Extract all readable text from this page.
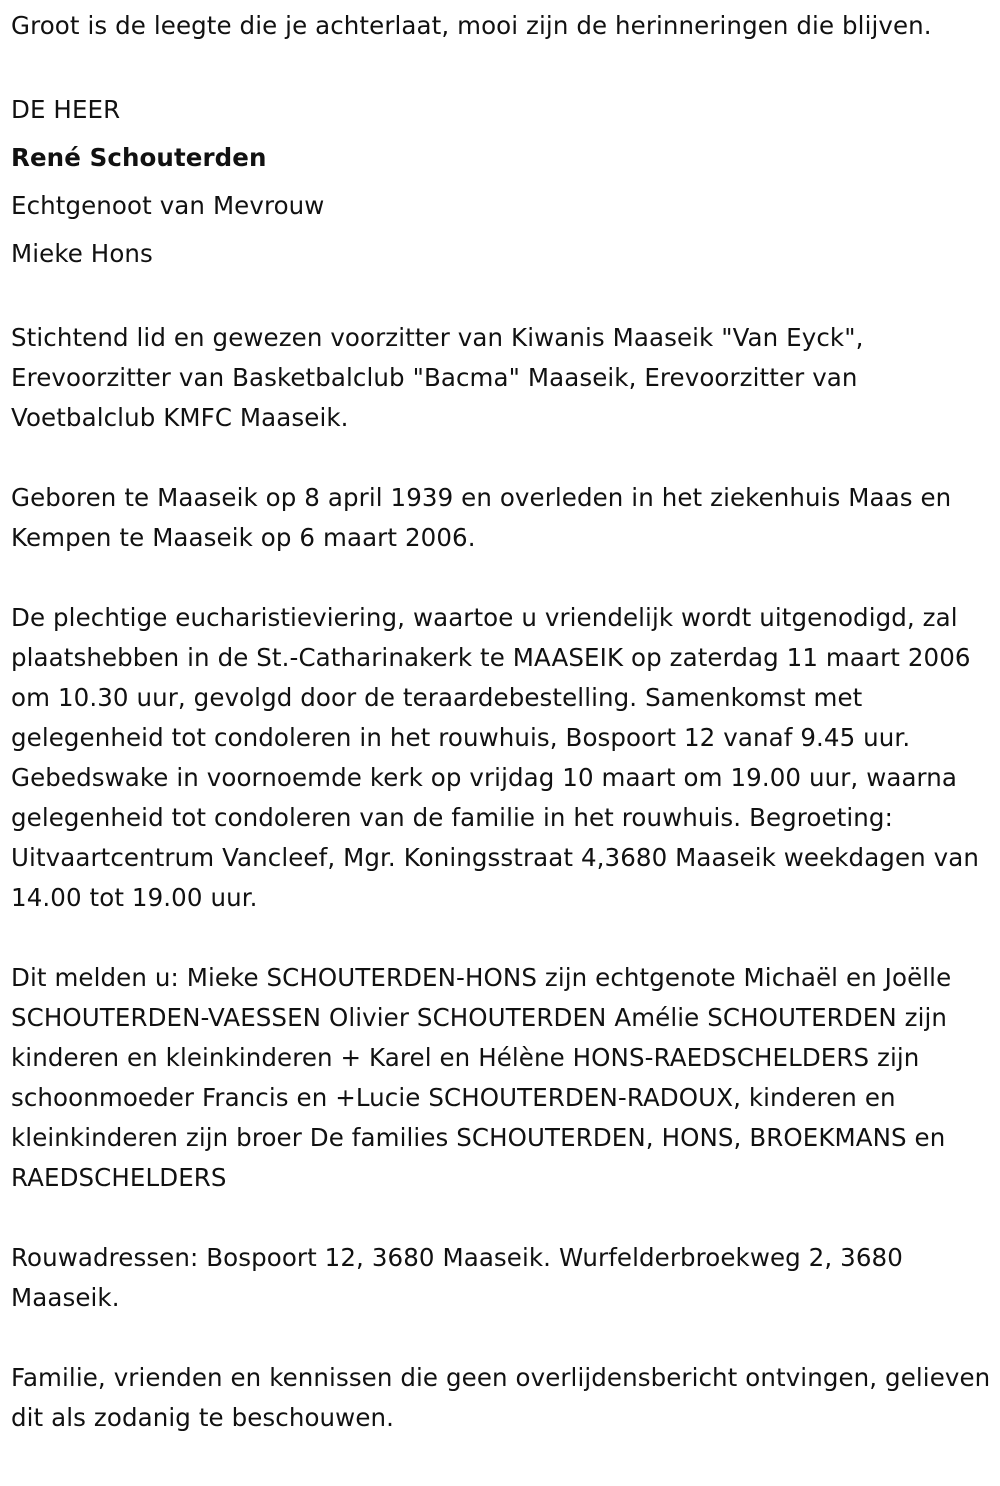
Groot is de leegte die je achterlaat, mooi zijn de herinneringen die blijven.

DE HEER

René Schouterden

Echtgenoot van Mevrouw

Mieke Hons

Stichtend lid en gewezen voorzitter van Kiwanis Maaseik "Van Eyck", Erevoorzitter van Basketbalclub "Bacma" Maaseik, Erevoorzitter van Voetbalclub KMFC Maaseik.

Geboren te Maaseik op 8 april 1939 en overleden in het ziekenhuis Maas en Kempen te Maaseik op 6 maart 2006.

De plechtige eucharistieviering, waartoe u vriendelijk wordt uitgenodigd, zal plaatshebben in de St.-Catharinakerk te MAASEIK op zaterdag 11 maart 2006 om 10.30 uur, gevolgd door de teraardebestelling. Samenkomst met gelegenheid tot condoleren in het rouwhuis, Bospoort 12 vanaf 9.45 uur. Gebedswake in voornoemde kerk op vrijdag 10 maart om 19.00 uur, waarna gelegenheid tot condoleren van de familie in het rouwhuis. Begroeting: Uitvaartcentrum Vancleef, Mgr. Koningsstraat 4,3680 Maaseik weekdagen van 14.00 tot 19.00 uur.

Dit melden u: Mieke SCHOUTERDEN-HONS zijn echtgenote Michaël en Joëlle SCHOUTERDEN-VAESSEN Olivier SCHOUTERDEN Amélie SCHOUTERDEN zijn kinderen en kleinkinderen + Karel en Hélène HONS-RAEDSCHELDERS zijn schoonmoeder Francis en +Lucie SCHOUTERDEN-RADOUX, kinderen en kleinkinderen zijn broer De families SCHOUTERDEN, HONS, BROEKMANS en RAEDSCHELDERS

Rouwadressen: Bospoort 12, 3680 Maaseik. Wurfelderbroekweg 2, 3680 Maaseik.

Familie, vrienden en kennissen die geen overlijdensbericht ontvingen, gelieven dit als zodanig te beschouwen.
